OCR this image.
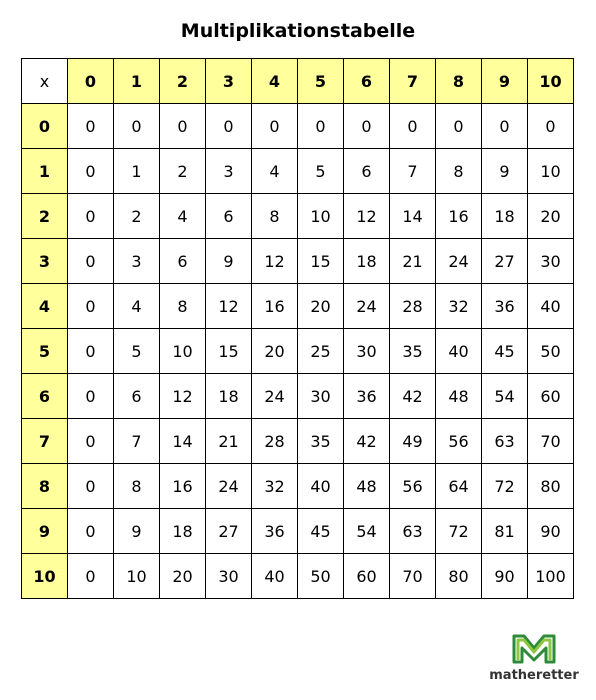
Multiplikationstabelle
x	0	1	2	3	4	5	6	7	8	9	10
0	0	0	0	0	0	0	0	0	0	0	0
1	0	1	2	3	4	5	6	7	8	9	10
2	0	2	4	6	8	10	12	14	16	18	20
3	0	3	6	9	12	15	18	21	24	27	30
4	0	4	8	12	16	20	24	28	32	36	40
5	0	5	10	15	20	25	30	35	40	45	50
6	0	6	12	18	24	30	36	42	48	54	60
7	0	7	14	21	28	35	42	49	56	63	70
8	0	8	16	24	32	40	48	56	64	72	80
9	0	9	18	27	36	45	54	63	72	81	90
10	0	10	20	30	40	50	60	70	80	90	100
matheretter
